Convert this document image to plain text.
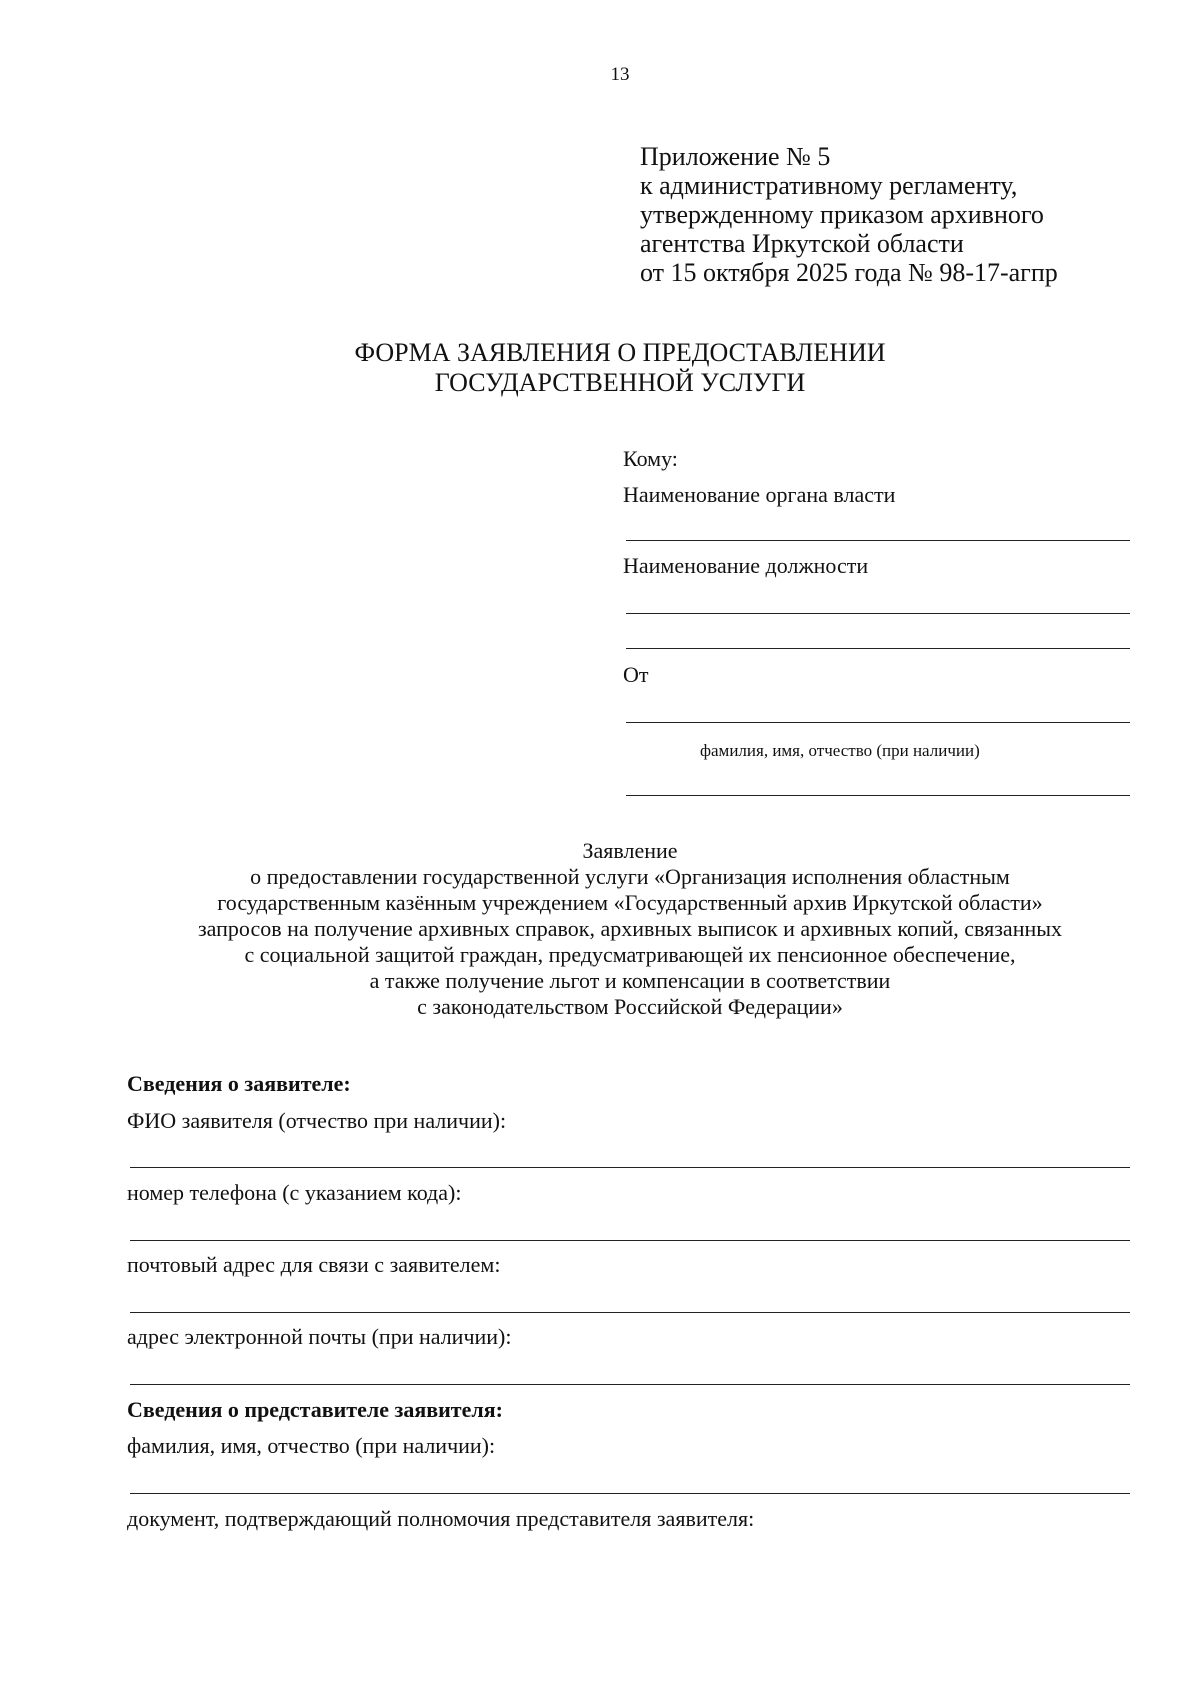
13
Приложение № 5
к административному регламенту,
утвержденному приказом архивного
агентства Иркутской области
от 15 октября 2025 года № 98-17-агпр
ФОРМА ЗАЯВЛЕНИЯ О ПРЕДОСТАВЛЕНИИ
ГОСУДАРСТВЕННОЙ УСЛУГИ
Кому:
Наименование органа власти
Наименование должности
От
фамилия, имя, отчество (при наличии)
Заявление
о предоставлении государственной услуги «Организация исполнения областным
государственным казённым учреждением «Государственный архив Иркутской области»
запросов на получение архивных справок, архивных выписок и архивных копий, связанных
с социальной защитой граждан, предусматривающей их пенсионное обеспечение,
а также получение льгот и компенсации в соответствии
с законодательством Российской Федерации»
Сведения о заявителе:
ФИО заявителя (отчество при наличии):
номер телефона (с указанием кода):
почтовый адрес для связи с заявителем:
адрес электронной почты (при наличии):
Сведения о представителе заявителя:
фамилия, имя, отчество (при наличии):
документ, подтверждающий полномочия представителя заявителя:
